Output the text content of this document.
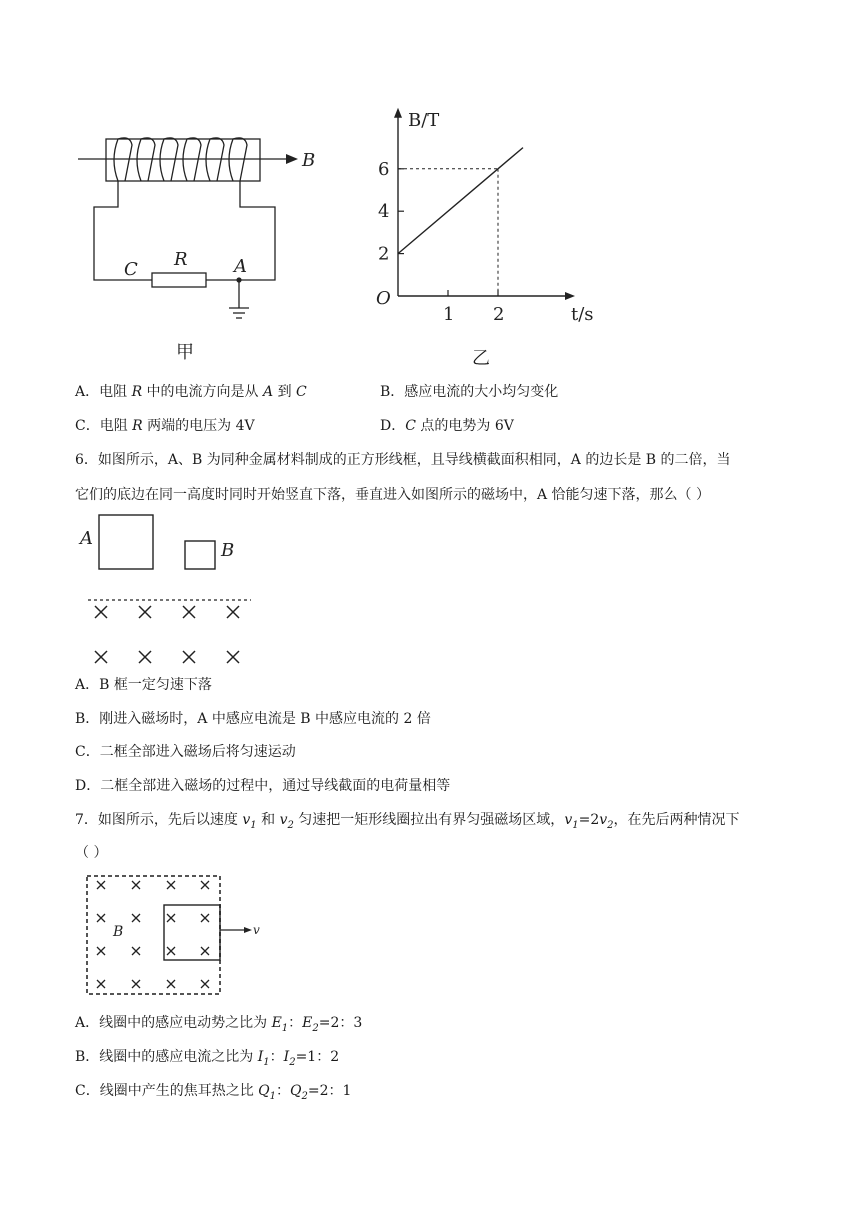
B
R
C	A
甲
B/T
t/s
O
1 2
2
4
6
乙
A．电阻 R 中的电流方向是从 A 到 C	B．感应电流的大小均匀变化
C．电阻 R 两端的电压为 4V	D．C 点的电势为 6V
6．如图所示，A、B 为同种金属材料制成的正方形线框，且导线横截面积相同，A 的边长是 B 的二倍，当
它们的底边在同一高度时同时开始竖直下落，垂直进入如图所示的磁场中，A 恰能匀速下落，那么（ ）
A
B
A．B 框一定匀速下落
B．刚进入磁场时，A 中感应电流是 B 中感应电流的 2 倍
C．二框全部进入磁场后将匀速运动
D．二框全部进入磁场的过程中，通过导线截面的电荷量相等
7．如图所示，先后以速度 $v_1$ 和 $v_2$ 匀速把一矩形线圈拉出有界匀强磁场区域，$v_1=2v_2$，在先后两种情况下
（ ）
B	v
A．线圈中的感应电动势之比为 $E_1$：$E_2=2$：3
B．线圈中的感应电流之比为 $I_1$：$I_2=1$：2
C．线圈中产生的焦耳热之比 $Q_1$：$Q_2=2$：1
